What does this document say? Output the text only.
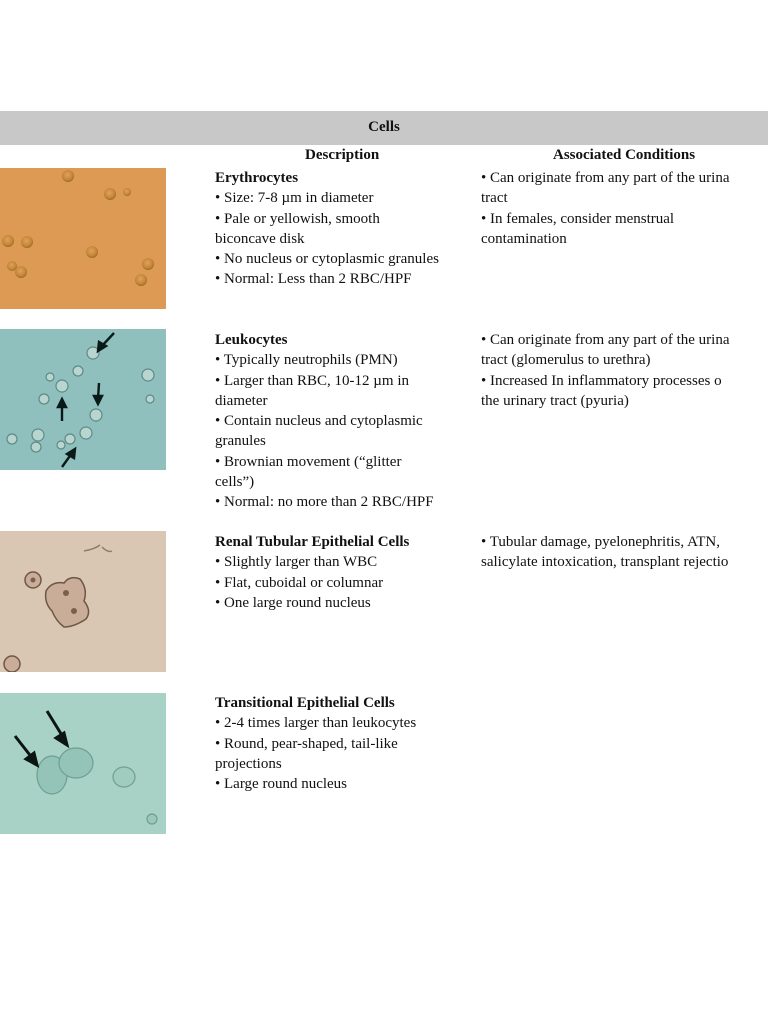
Cells
Description	Associated Conditions
Erythrocytes
• Size: 7-8 µm in diameter
• Pale or yellowish, smooth
biconcave disk
• No nucleus or cytoplasmic granules
• Normal: Less than 2 RBC/HPF
• Can originate from any part of the urina
tract
• In females, consider menstrual
contamination
Leukocytes
• Typically neutrophils (PMN)
• Larger than RBC, 10-12 µm in
diameter
• Contain nucleus and cytoplasmic
granules
• Brownian movement (“glitter
cells”)
• Normal: no more than 2 RBC/HPF
• Can originate from any part of the urina
tract (glomerulus to urethra)
• Increased In inflammatory processes o
the urinary tract (pyuria)
Renal Tubular Epithelial Cells
• Slightly larger than WBC
• Flat, cuboidal or columnar
• One large round nucleus
• Tubular damage, pyelonephritis, ATN,
salicylate intoxication, transplant rejectio
Transitional Epithelial Cells
• 2-4 times larger than leukocytes
• Round, pear-shaped, tail-like
projections
• Large round nucleus
